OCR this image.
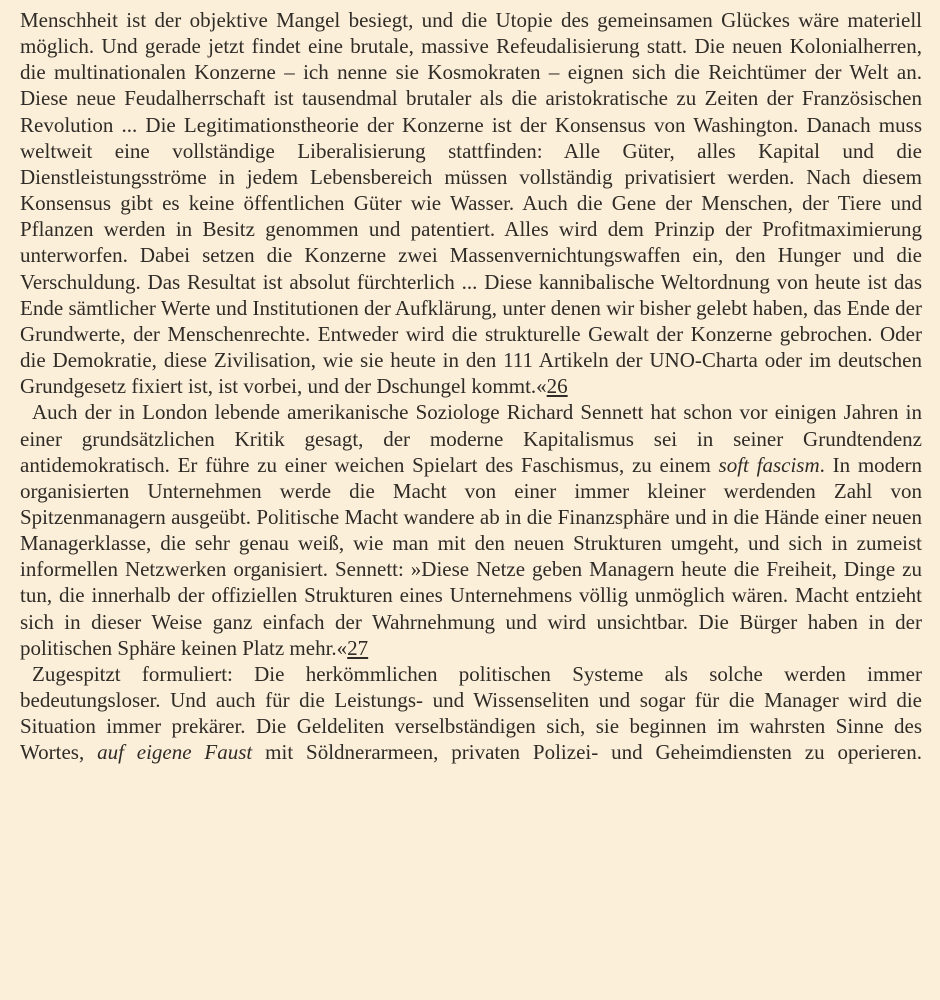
Menschheit ist der objektive Mangel besiegt, und die Utopie des gemeinsamen Glückes wäre materiell möglich. Und gerade jetzt findet eine brutale, massive Refeudalisierung statt. Die neuen Kolonialherren, die multinationalen Konzerne – ich nenne sie Kosmokraten – eignen sich die Reichtümer der Welt an. Diese neue Feudalherrschaft ist tausendmal brutaler als die aristokratische zu Zeiten der Französischen Revolution ... Die Legitimationstheorie der Konzerne ist der Konsensus von Washington. Danach muss weltweit eine vollständige Liberalisierung stattfinden: Alle Güter, alles Kapital und die Dienstleistungsströme in jedem Lebensbereich müssen vollständig privatisiert werden. Nach diesem Konsensus gibt es keine öffentlichen Güter wie Wasser. Auch die Gene der Menschen, der Tiere und Pflanzen werden in Besitz genommen und patentiert. Alles wird dem Prinzip der Profitmaximierung unterworfen. Dabei setzen die Konzerne zwei Massenvernichtungswaffen ein, den Hunger und die Verschuldung. Das Resultat ist absolut fürchterlich ... Diese kannibalische Weltordnung von heute ist das Ende sämtlicher Werte und Institutionen der Aufklärung, unter denen wir bisher gelebt haben, das Ende der Grundwerte, der Menschenrechte. Entweder wird die strukturelle Gewalt der Konzerne gebrochen. Oder die Demokratie, diese Zivilisation, wie sie heute in den 111 Artikeln der UNO-Charta oder im deutschen Grundgesetz fixiert ist, ist vorbei, und der Dschungel kommt.«26

Auch der in London lebende amerikanische Soziologe Richard Sennett hat schon vor einigen Jahren in einer grundsätzlichen Kritik gesagt, der moderne Kapitalismus sei in seiner Grundtendenz antidemokratisch. Er führe zu einer weichen Spielart des Faschismus, zu einem soft fascism. In modern organisierten Unternehmen werde die Macht von einer immer kleiner werdenden Zahl von Spitzenmanagern ausgeübt. Politische Macht wandere ab in die Finanzsphäre und in die Hände einer neuen Managerklasse, die sehr genau weiß, wie man mit den neuen Strukturen umgeht, und sich in zumeist informellen Netzwerken organisiert. Sennett: »Diese Netze geben Managern heute die Freiheit, Dinge zu tun, die innerhalb der offiziellen Strukturen eines Unternehmens völlig unmöglich wären. Macht entzieht sich in dieser Weise ganz einfach der Wahrnehmung und wird unsichtbar. Die Bürger haben in der politischen Sphäre keinen Platz mehr.«27

Zugespitzt formuliert: Die herkömmlichen politischen Systeme als solche werden immer bedeutungsloser. Und auch für die Leistungs- und Wissenseliten und sogar für die Manager wird die Situation immer prekärer. Die Geldeliten verselbständigen sich, sie beginnen im wahrsten Sinne des Wortes, auf eigene Faust mit Söldnerarmeen, privaten Polizei- und Geheimdiensten zu operieren.
